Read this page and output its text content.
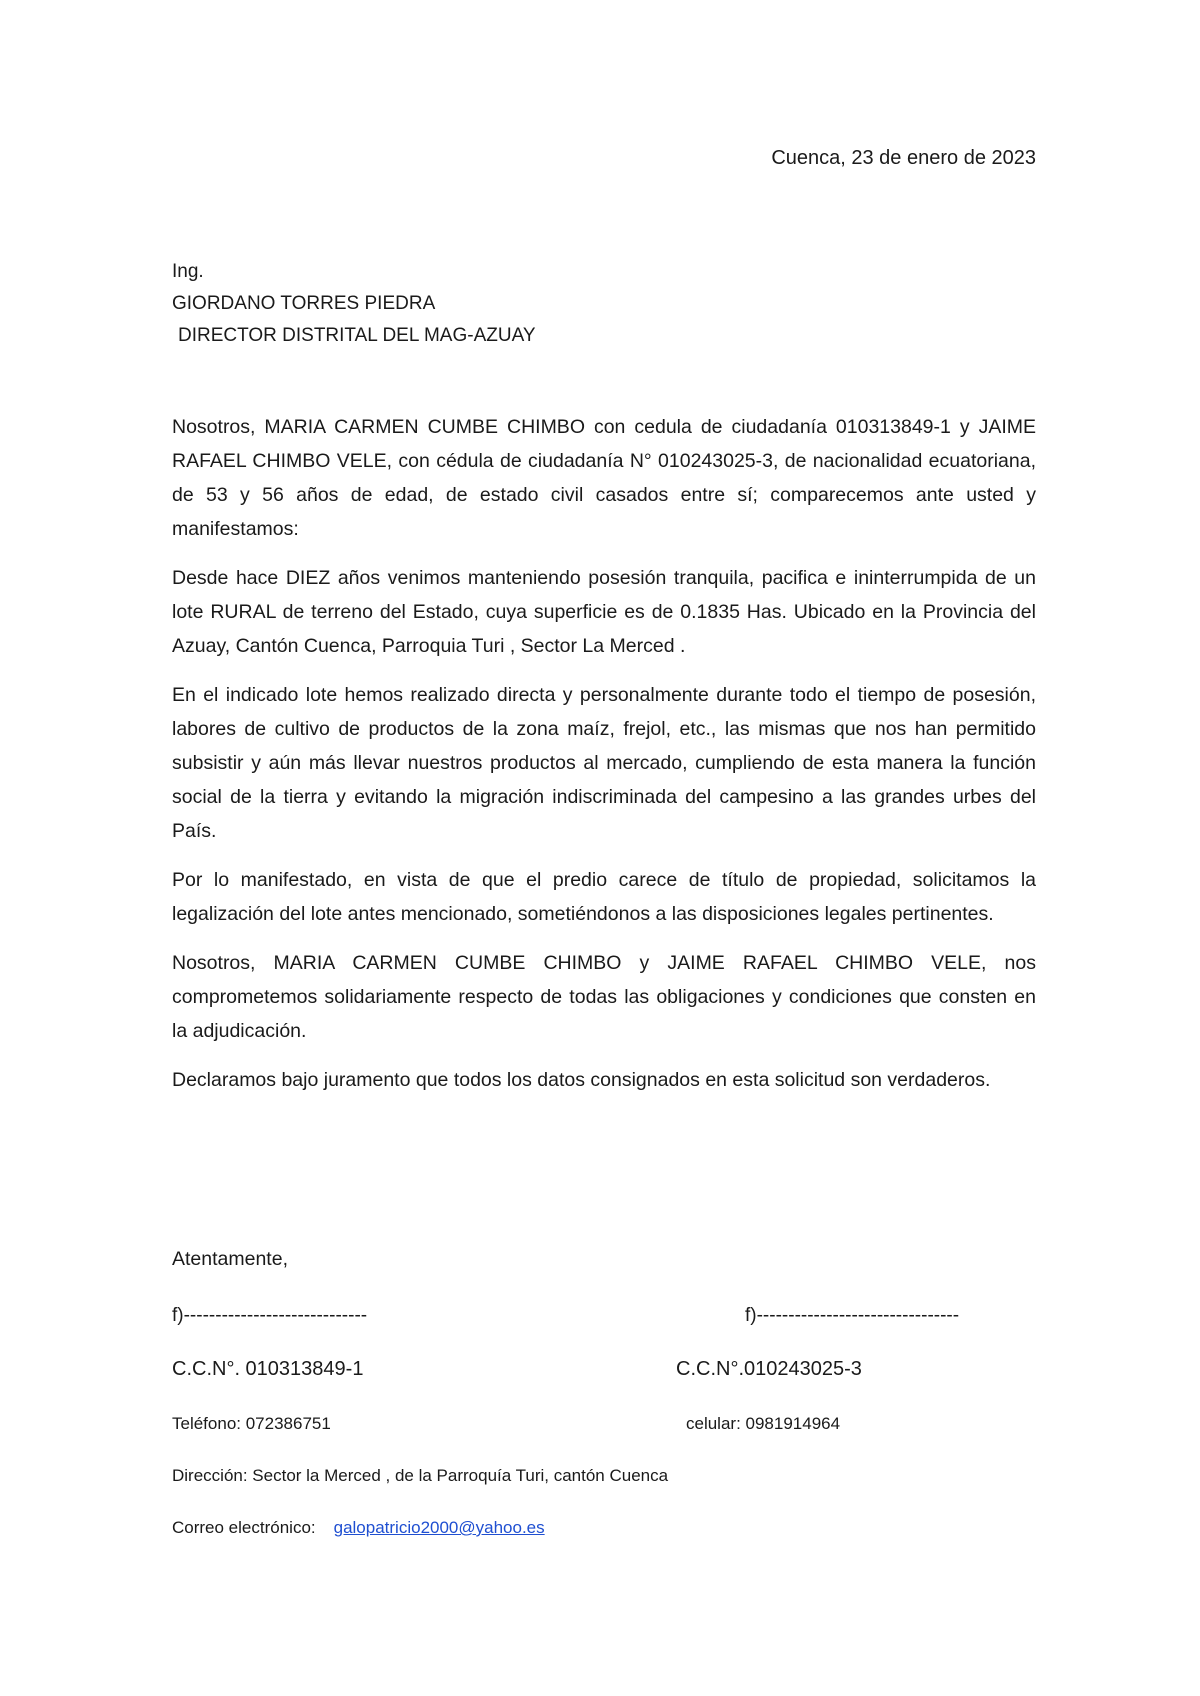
Cuenca, 23 de enero de 2023
Ing.
GIORDANO TORRES PIEDRA
DIRECTOR DISTRITAL DEL MAG-AZUAY

Nosotros, MARIA CARMEN CUMBE CHIMBO con cedula de ciudadanía 010313849-1 y JAIME RAFAEL CHIMBO VELE, con cédula de ciudadanía N° 010243025-3, de nacionalidad ecuatoriana, de 53 y 56 años de edad, de estado civil casados entre sí; comparecemos ante usted y manifestamos:

Desde hace DIEZ años venimos manteniendo posesión tranquila, pacifica e ininterrumpida de un lote RURAL de terreno del Estado, cuya superficie es de 0.1835 Has. Ubicado en la Provincia del Azuay, Cantón Cuenca, Parroquia Turi , Sector La Merced .

En el indicado lote hemos realizado directa y personalmente durante todo el tiempo de posesión, labores de cultivo de productos de la zona maíz, frejol, etc., las mismas que nos han permitido subsistir y aún más llevar nuestros productos al mercado, cumpliendo de esta manera la función social de la tierra y evitando la migración indiscriminada del campesino a las grandes urbes del País.

Por lo manifestado, en vista de que el predio carece de título de propiedad, solicitamos la legalización del lote antes mencionado, sometiéndonos a las disposiciones legales pertinentes.

Nosotros, MARIA CARMEN CUMBE CHIMBO y JAIME RAFAEL CHIMBO VELE, nos comprometemos solidariamente respecto de todas las obligaciones y condiciones que consten en la adjudicación.

Declaramos bajo juramento que todos los datos consignados en esta solicitud son verdaderos.

Atentamente,
f)-----------------------------	f)--------------------------------
C.C.N°. 010313849-1	C.C.N°.010243025-3
Teléfono: 072386751	celular: 0981914964
Dirección: Sector la Merced , de la Parroquía Turi, cantón Cuenca
Correo electrónico: galopatricio2000@yahoo.es
